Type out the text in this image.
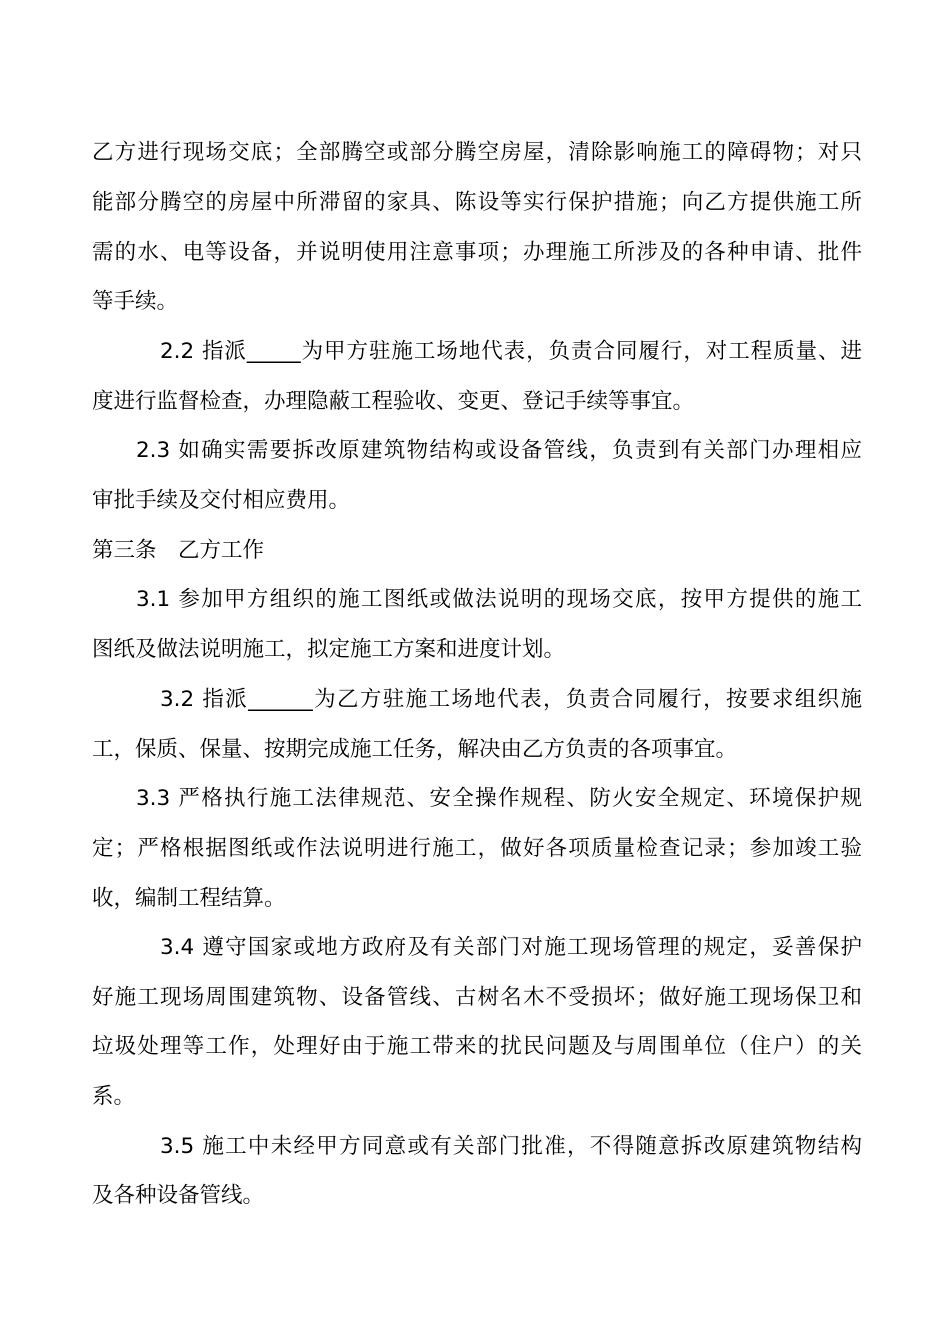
乙方进行现场交底；全部腾空或部分腾空房屋，清除影响施工的障碍物；对只
能部分腾空的房屋中所滞留的家具、陈设等实行保护措施；向乙方提供施工所
需的水、电等设备，并说明使用注意事项；办理施工所涉及的各种申请、批件
等手续。
2.2 指派_____为甲方驻施工场地代表，负责合同履行，对工程质量、进
度进行监督检查，办理隐蔽工程验收、变更、登记手续等事宜。
2.3 如确实需要拆改原建筑物结构或设备管线，负责到有关部门办理相应
审批手续及交付相应费用。
第三条　乙方工作
3.1 参加甲方组织的施工图纸或做法说明的现场交底，按甲方提供的施工
图纸及做法说明施工，拟定施工方案和进度计划。
3.2 指派______为乙方驻施工场地代表，负责合同履行，按要求组织施
工，保质、保量、按期完成施工任务，解决由乙方负责的各项事宜。
3.3 严格执行施工法律规范、安全操作规程、防火安全规定、环境保护规
定；严格根据图纸或作法说明进行施工，做好各项质量检查记录；参加竣工验
收，编制工程结算。
3.4 遵守国家或地方政府及有关部门对施工现场管理的规定，妥善保护
好施工现场周围建筑物、设备管线、古树名木不受损坏；做好施工现场保卫和
垃圾处理等工作，处理好由于施工带来的扰民问题及与周围单位（住户）的关
系。
3.5 施工中未经甲方同意或有关部门批准，不得随意拆改原建筑物结构
及各种设备管线。
